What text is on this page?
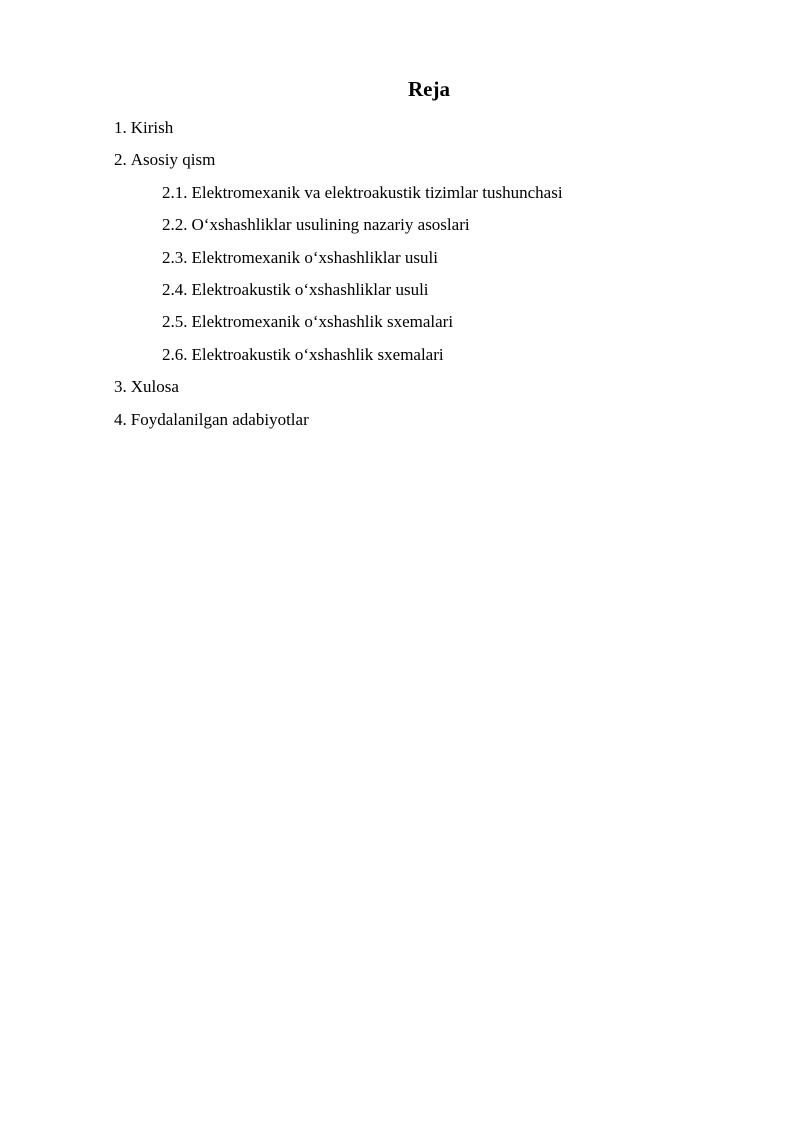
Reja
1. Kirish
2. Asosiy qism
2.1. Elektromexanik va elektroakustik tizimlar tushunchasi
2.2. O‘xshashliklar usulining nazariy asoslari
2.3. Elektromexanik o‘xshashliklar usuli
2.4. Elektroakustik o‘xshashliklar usuli
2.5. Elektromexanik o‘xshashlik sxemalari
2.6. Elektroakustik o‘xshashlik sxemalari
3. Xulosa
4. Foydalanilgan adabiyotlar
